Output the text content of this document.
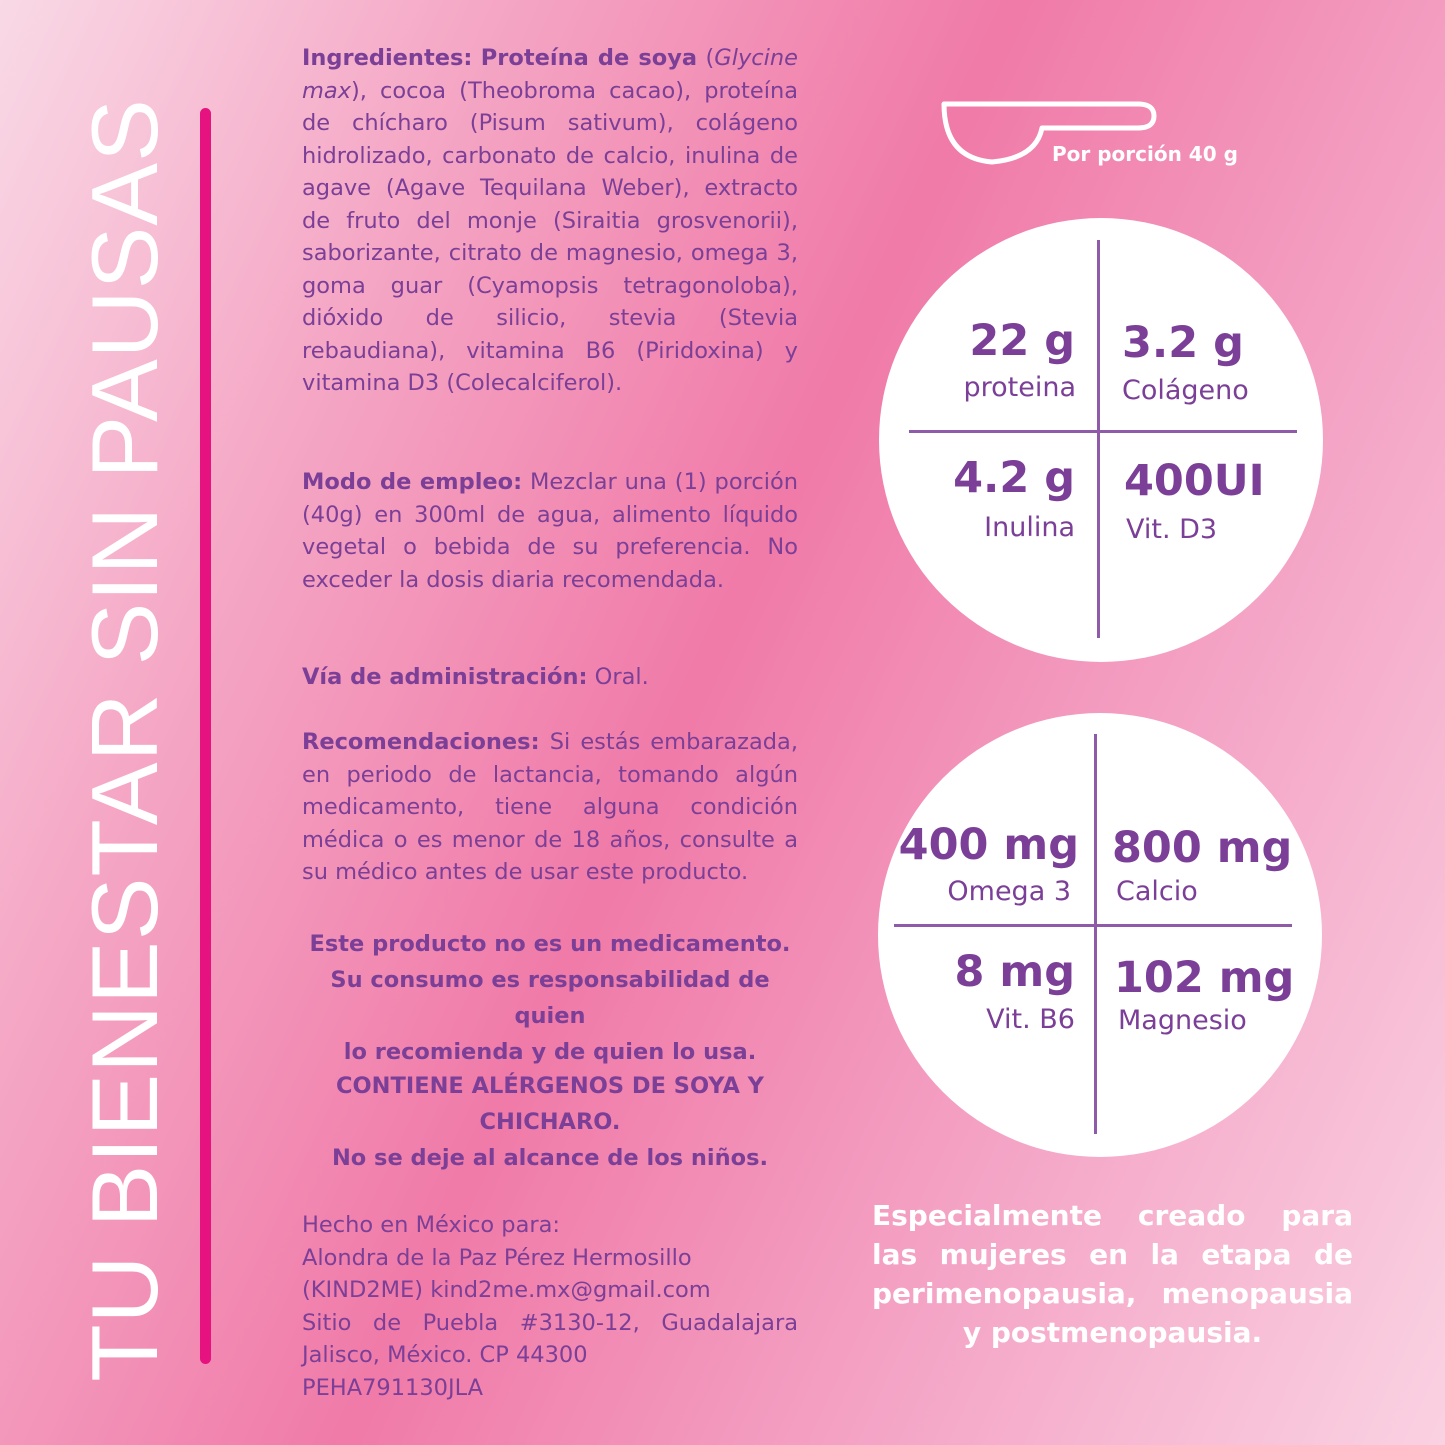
TU BIENESTAR SIN PAUSAS
Ingredientes: Proteína de soya (Glycine max), cocoa (Theobroma cacao), proteína de chícharo (Pisum sativum), colágeno hidrolizado, carbonato de calcio, inulina de agave (Agave Tequilana Weber), extracto de fruto del monje (Siraitia grosvenorii), saborizante, citrato de magnesio, omega 3, goma guar (Cyamopsis tetragonoloba), dióxido de silicio, stevia (Stevia rebaudiana), vitamina B6 (Piridoxina) y vitamina D3 (Colecalciferol).
Modo de empleo: Mezclar una (1) porción (40g) en 300ml de agua, alimento líquido vegetal o bebida de su preferencia. No exceder la dosis diaria recomendada.
Vía de administración: Oral.
Recomendaciones: Si estás embarazada, en periodo de lactancia, tomando algún medicamento, tiene alguna condición médica o es menor de 18 años, consulte a su médico antes de usar este producto.
Este producto no es un medicamento.
Su consumo es responsabilidad de quien
lo recomienda y de quien lo usa.
CONTIENE ALÉRGENOS DE SOYA Y
CHICHARO.
No se deje al alcance de los niños.
Hecho en México para:
Alondra de la Paz Pérez Hermosillo
(KIND2ME) kind2me.mx@gmail.com
Sitio de Puebla #3130-12, Guadalajara
Jalisco, México. CP 44300
PEHA791130JLA
Por porción 40 g
22 g
proteina
3.2 g
Colágeno
4.2 g
Inulina
400UI
Vit. D3
400 mg
Omega 3
800 mg
Calcio
8 mg
Vit. B6
102 mg
Magnesio
Especialmente creado para
las mujeres en la etapa de
perimenopausia, menopausia
y postmenopausia.
